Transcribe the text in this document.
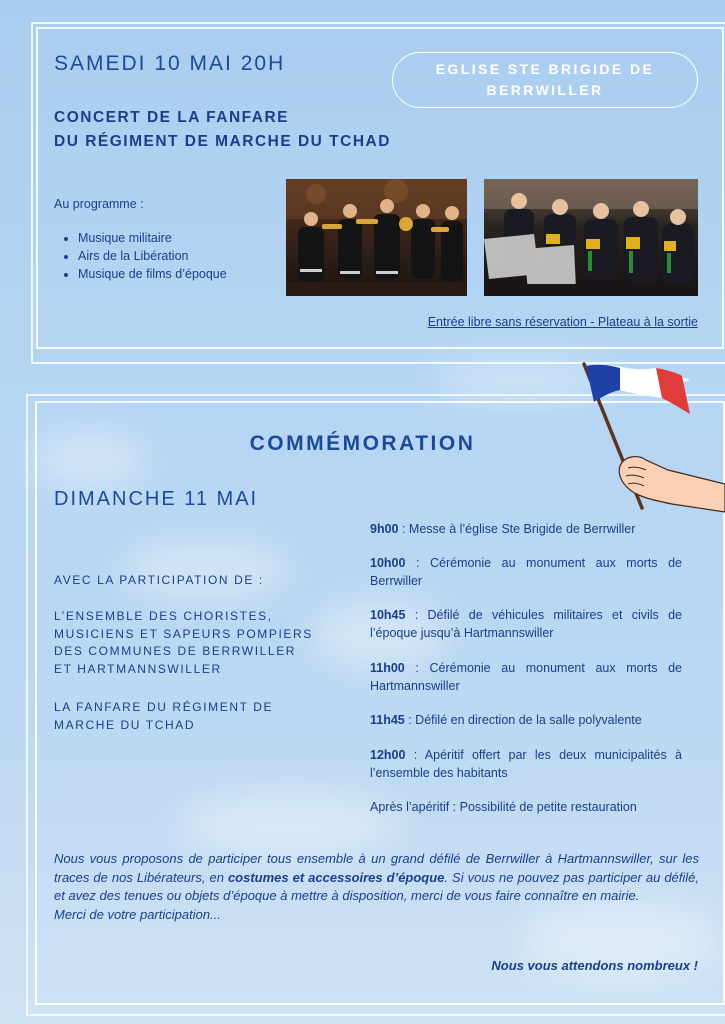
SAMEDI 10 MAI 20H	EGLISE STE BRIGIDE DE
BERRWILLER
CONCERT DE LA FANFARE
DU RÉGIMENT DE MARCHE DU TCHAD
Au programme :
• Musique militaire
• Airs de la Libération
• Musique de films d’époque
Entrée libre sans réservation - Plateau à la sortie
COMMÉMORATION
DIMANCHE 11 MAI
AVEC LA PARTICIPATION DE :
L’ENSEMBLE DES CHORISTES, MUSICIENS ET SAPEURS POMPIERS DES COMMUNES DE BERRWILLER ET HARTMANNSWILLER
LA FANFARE DU RÉGIMENT DE MARCHE DU TCHAD
9h00 : Messe à l’église Ste Brigide de Berrwiller
10h00 : Cérémonie au monument aux morts de Berrwiller
10h45 : Défilé de véhicules militaires et civils de l’époque jusqu’à Hartmannswiller
11h00 : Cérémonie au monument aux morts de Hartmannswiller
11h45 : Défilé en direction de la salle polyvalente
12h00 : Apéritif offert par les deux municipalités à l’ensemble des habitants
Après l’apéritif : Possibilité de petite restauration
Nous vous proposons de participer tous ensemble à un grand défilé de Berrwiller à Hartmannswiller, sur les traces de nos Libérateurs, en costumes et accessoires d’époque. Si vous ne pouvez pas participer au défilé, et avez des tenues ou objets d’époque à mettre à disposition, merci de vous faire connaître en mairie.
Merci de votre participation...
Nous vous attendons nombreux !
